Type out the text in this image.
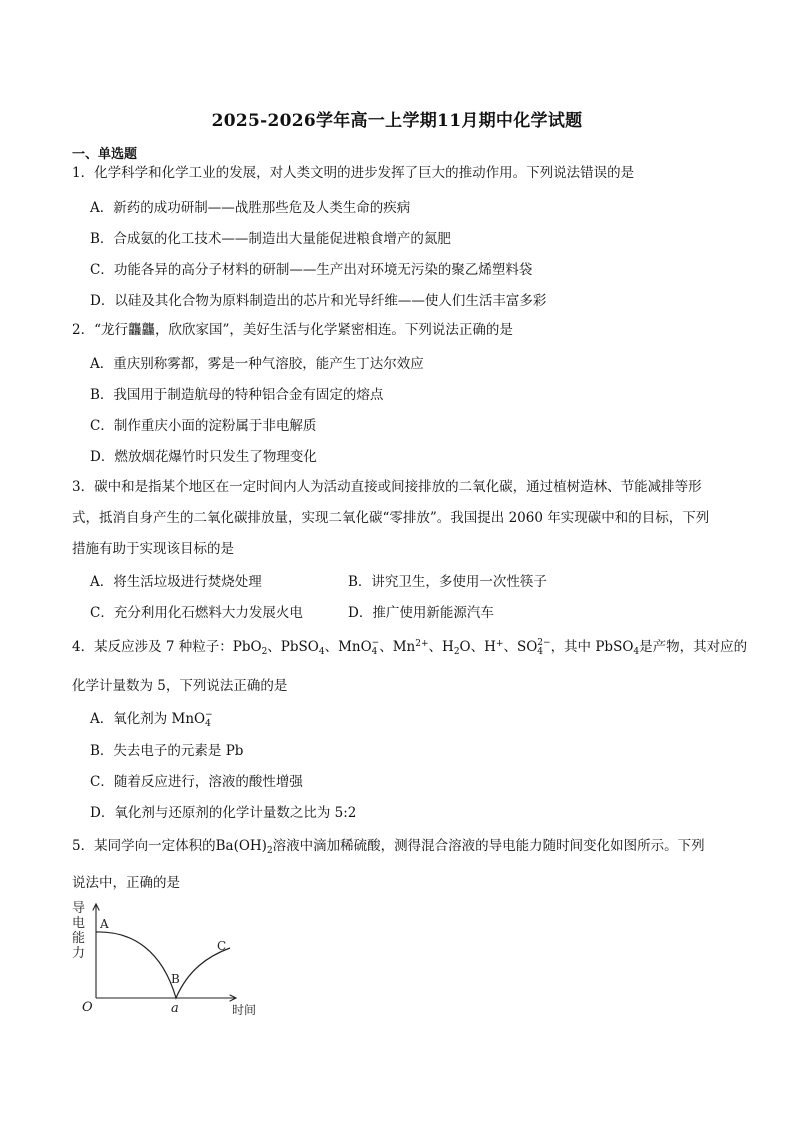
2025-2026学年高一上学期11月期中化学试题
一、单选题
1．化学科学和化学工业的发展，对人类文明的进步发挥了巨大的推动作用。下列说法错误的是
A．新药的成功研制——战胜那些危及人类生命的疾病
B．合成氨的化工技术——制造出大量能促进粮食增产的氮肥
C．功能各异的高分子材料的研制——生产出对环境无污染的聚乙烯塑料袋
D．以硅及其化合物为原料制造出的芯片和光导纤维——使人们生活丰富多彩
2．“龙行龘龘，欣欣家国”，美好生活与化学紧密相连。下列说法正确的是
A．重庆别称雾都，雾是一种气溶胶，能产生丁达尔效应
B．我国用于制造航母的特种铝合金有固定的熔点
C．制作重庆小面的淀粉属于非电解质
D．燃放烟花爆竹时只发生了物理变化
3．碳中和是指某个地区在一定时间内人为活动直接或间接排放的二氧化碳，通过植树造林、节能减排等形
式，抵消自身产生的二氧化碳排放量，实现二氧化碳“零排放”。我国提出 2060 年实现碳中和的目标，下列
措施有助于实现该目标的是
A．将生活垃圾进行焚烧处理	B．讲究卫生，多使用一次性筷子
C．充分利用化石燃料大力发展火电	D．推广使用新能源汽车
4．某反应涉及 7 种粒子：PbO$_2$、PbSO$_4$、MnO −
4 、$Mn^{2+}$、$H_2O$、H+、SO 2−
4 ，其中 PbSO$_4$是产物，其对应的
化学计量数为 5，下列说法正确的是
A．氧化剂为 MnO −
4
B．失去电子的元素是 Pb
C．随着反应进行，溶液的酸性增强
D．氧化剂与还原剂的化学计量数之比为 5:2
5．某同学向一定体积的$Ba(OH)_2$溶液中滴加稀硫酸，测得混合溶液的导电能力随时间变化如图所示。下列
说法中，正确的是
导
电
能
力
O	a	时间
A
B
C
